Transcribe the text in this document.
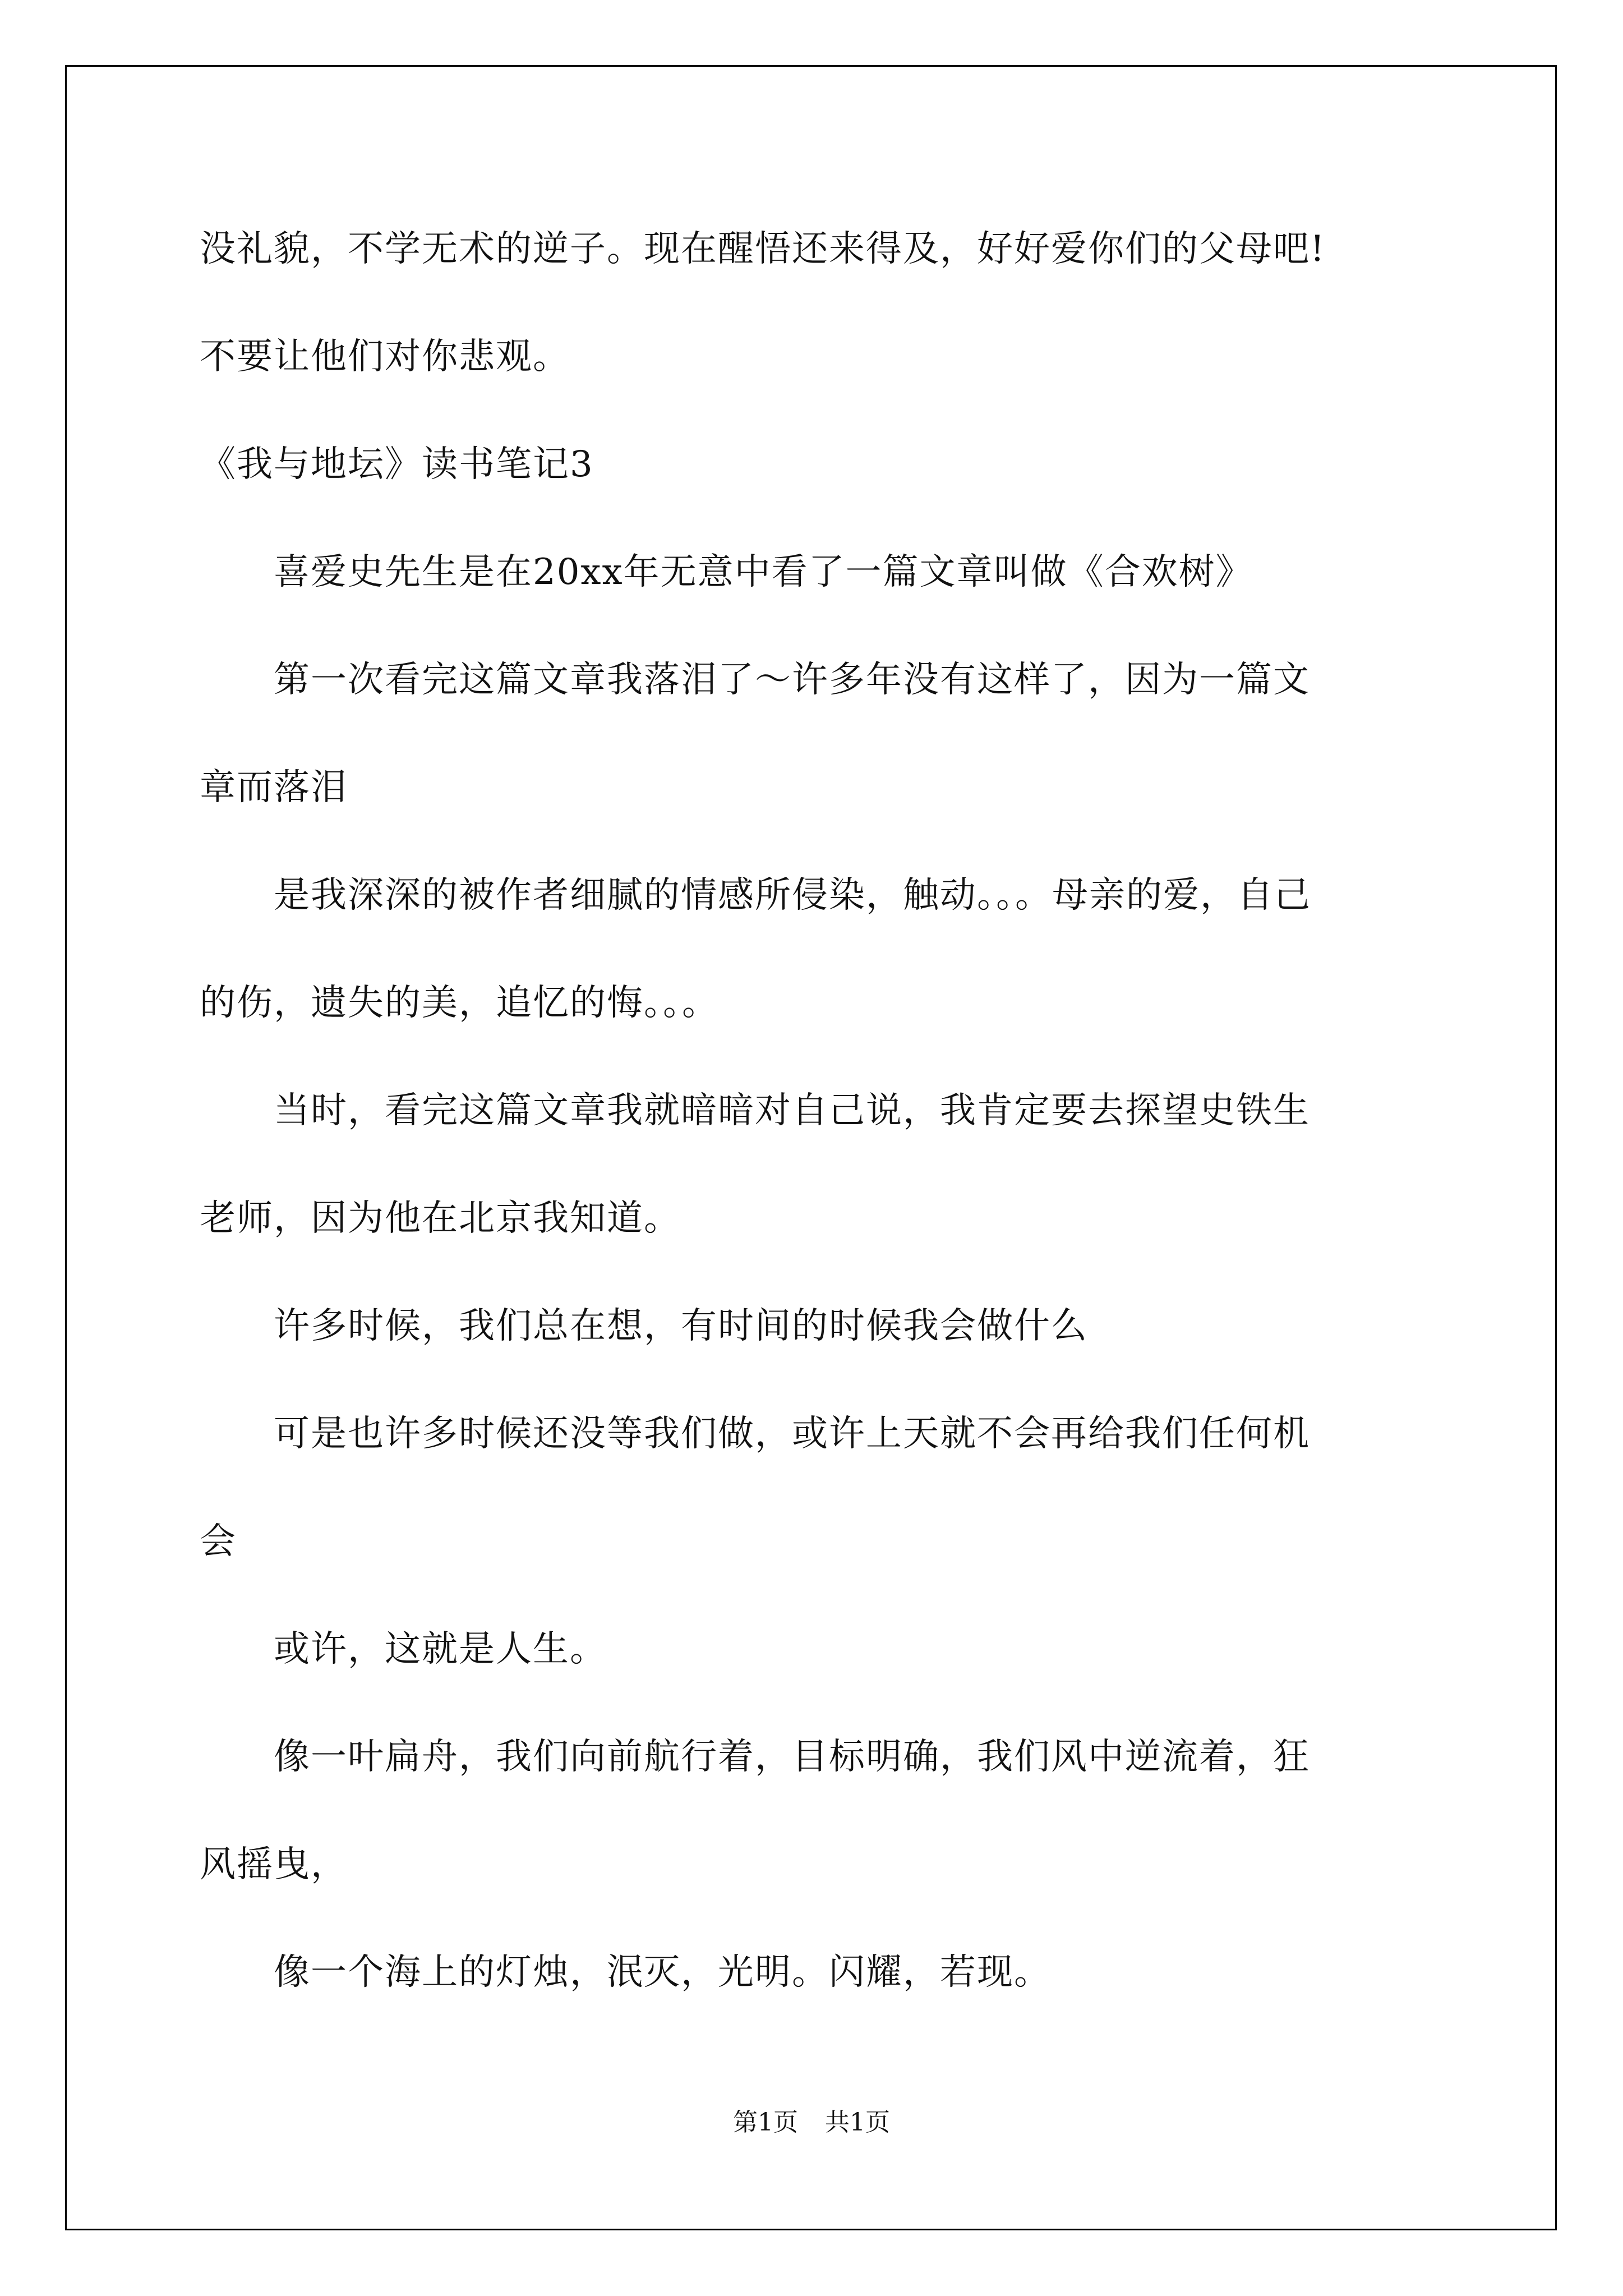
没礼貌，不学无术的逆子。现在醒悟还来得及，好好爱你们的父母吧!
不要让他们对你悲观。
《我与地坛》读书笔记3
　　喜爱史先生是在20xx年无意中看了一篇文章叫做《合欢树》
　　第一次看完这篇文章我落泪了～许多年没有这样了，因为一篇文
章而落泪
　　是我深深的被作者细腻的情感所侵染，触动。。。母亲的爱，自己
的伤，遗失的美，追忆的悔。。。
　　当时，看完这篇文章我就暗暗对自己说，我肯定要去探望史铁生
老师，因为他在北京我知道。
　　许多时候，我们总在想，有时间的时候我会做什么
　　可是也许多时候还没等我们做，或许上天就不会再给我们任何机
会
　　或许，这就是人生。
　　像一叶扁舟，我们向前航行着，目标明确，我们风中逆流着，狂
风摇曳，
　　像一个海上的灯烛，泯灭，光明。闪耀，若现。
第1页 共1页
